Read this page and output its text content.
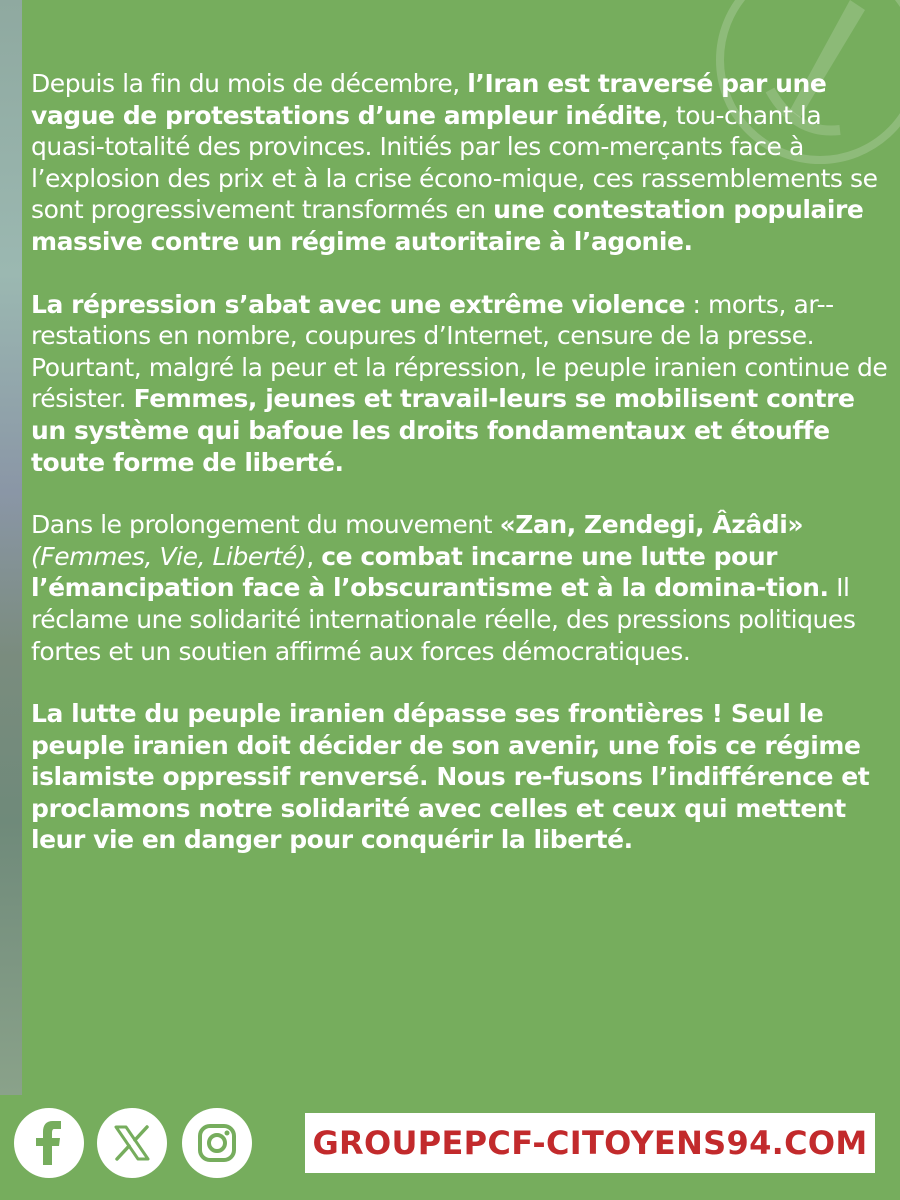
Depuis la fin du mois de décembre, l’Iran est traversé par une vague de protestations d’une ampleur inédite, tou-chant la quasi-totalité des provinces. Initiés par les com-merçants face à l’explosion des prix et à la crise écono-mique, ces rassemblements se sont progressivement transformés en une contestation populaire massive contre un régime autoritaire à l’agonie.

La répression s’abat avec une extrême violence : morts, ar-restations en nombre, coupures d’Internet, censure de la presse. Pourtant, malgré la peur et la répression, le peuple iranien continue de résister. Femmes, jeunes et travail-leurs se mobilisent contre un système qui bafoue les droits fondamentaux et étouffe toute forme de liberté.

Dans le prolongement du mouvement «Zan, Zendegi, Âzâdi» (Femmes, Vie, Liberté), ce combat incarne une lutte pour l’émancipation face à l’obscurantisme et à la domina-tion. Il réclame une solidarité internationale réelle, des pressions politiques fortes et un soutien affirmé aux forces démocratiques.

La lutte du peuple iranien dépasse ses frontières ! Seul le peuple iranien doit décider de son avenir, une fois ce régime islamiste oppressif renversé. Nous re-fusons l’indifférence et proclamons notre solidarité avec celles et ceux qui mettent leur vie en danger pour conquérir la liberté.

GROUPEPCF-CITOYENS94.COM
